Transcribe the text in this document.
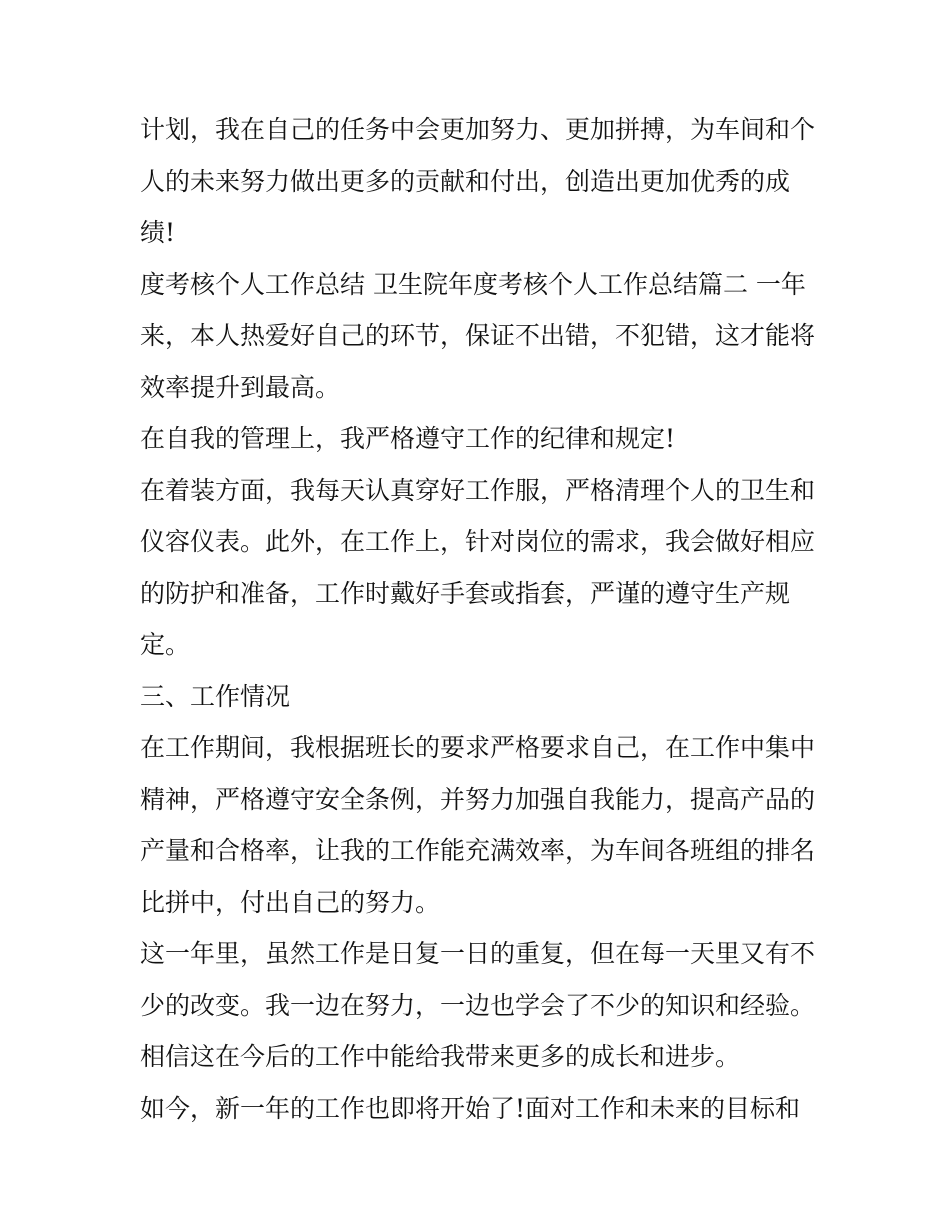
计划，我在自己的任务中会更加努力、更加拼搏，为车间和个人的未来努力做出更多的贡献和付出，创造出更加优秀的成绩!

度考核个人工作总结 卫生院年度考核个人工作总结篇二 一年来，本人热爱好自己的环节，保证不出错，不犯错，这才能将效率提升到最高。

在自我的管理上，我严格遵守工作的纪律和规定!

在着装方面，我每天认真穿好工作服，严格清理个人的卫生和仪容仪表。此外，在工作上，针对岗位的需求，我会做好相应的防护和准备，工作时戴好手套或指套，严谨的遵守生产规定。

三、工作情况

在工作期间，我根据班长的要求严格要求自己，在工作中集中精神，严格遵守安全条例，并努力加强自我能力，提高产品的产量和合格率，让我的工作能充满效率，为车间各班组的排名比拼中，付出自己的努力。

这一年里，虽然工作是日复一日的重复，但在每一天里又有不少的改变。我一边在努力，一边也学会了不少的知识和经验。相信这在今后的工作中能给我带来更多的成长和进步。

如今，新一年的工作也即将开始了!面对工作和未来的目标和
